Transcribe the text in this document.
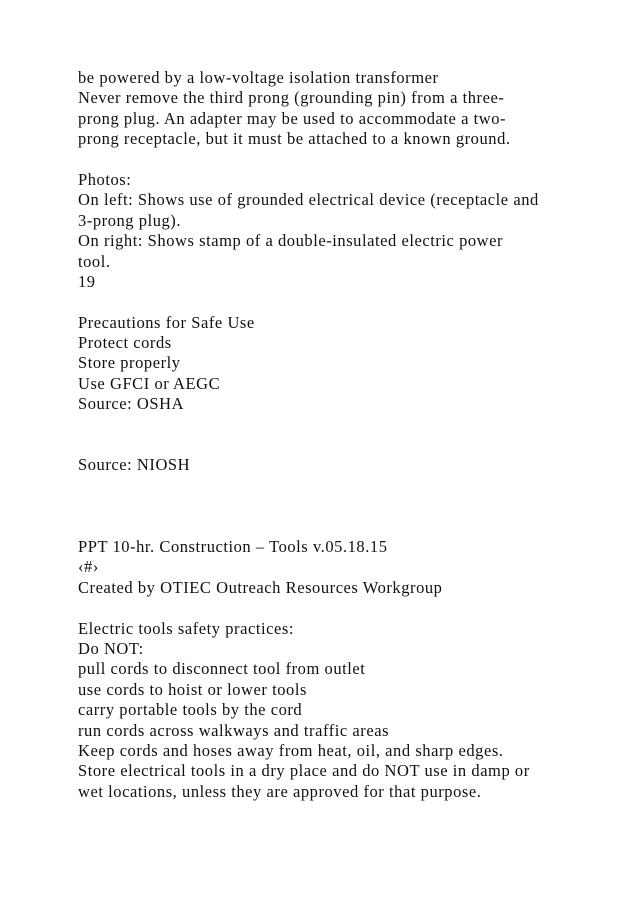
be powered by a low-voltage isolation transformer
Never remove the third prong (grounding pin) from a three-
prong plug. An adapter may be used to accommodate a two-
prong receptacle, but it must be attached to a known ground.
Photos:
On left: Shows use of grounded electrical device (receptacle and
3-prong plug).
On right: Shows stamp of a double-insulated electric power
tool.
19
Precautions for Safe Use
Protect cords
Store properly
Use GFCI or AEGC
Source: OSHA
Source: NIOSH
PPT 10-hr. Construction – Tools v.05.18.15
‹#›
Created by OTIEC Outreach Resources Workgroup
Electric tools safety practices:
Do NOT:
pull cords to disconnect tool from outlet
use cords to hoist or lower tools
carry portable tools by the cord
run cords across walkways and traffic areas
Keep cords and hoses away from heat, oil, and sharp edges.
Store electrical tools in a dry place and do NOT use in damp or
wet locations, unless they are approved for that purpose.
